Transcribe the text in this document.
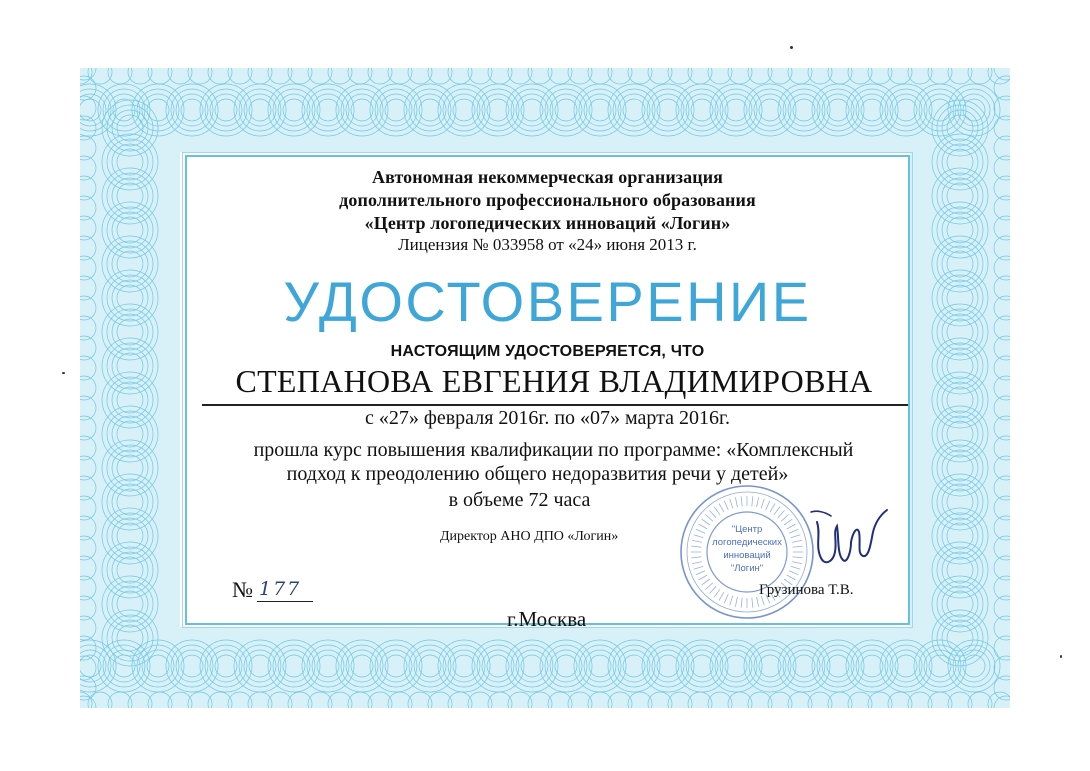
Автономная некоммерческая организация
дополнительного профессионального образования
«Центр логопедических инноваций «Логин»
Лицензия № 033958 от «24» июня 2013 г.
УДОСТОВЕРЕНИЕ
НАСТОЯЩИМ УДОСТОВЕРЯЕТСЯ, ЧТО
СТЕПАНОВА ЕВГЕНИЯ ВЛАДИМИРОВНА
с «27» февраля 2016г. по «07» марта 2016г.
прошла курс повышения квалификации по программе: «Комплексный
подход к преодолению общего недоразвития речи у детей»
в объеме 72 часа
Директор АНО ДПО «Логин»
№ 177
г.Москва
"Центр
логопедических
инноваций
"Логин"
Грузинова Т.В.
